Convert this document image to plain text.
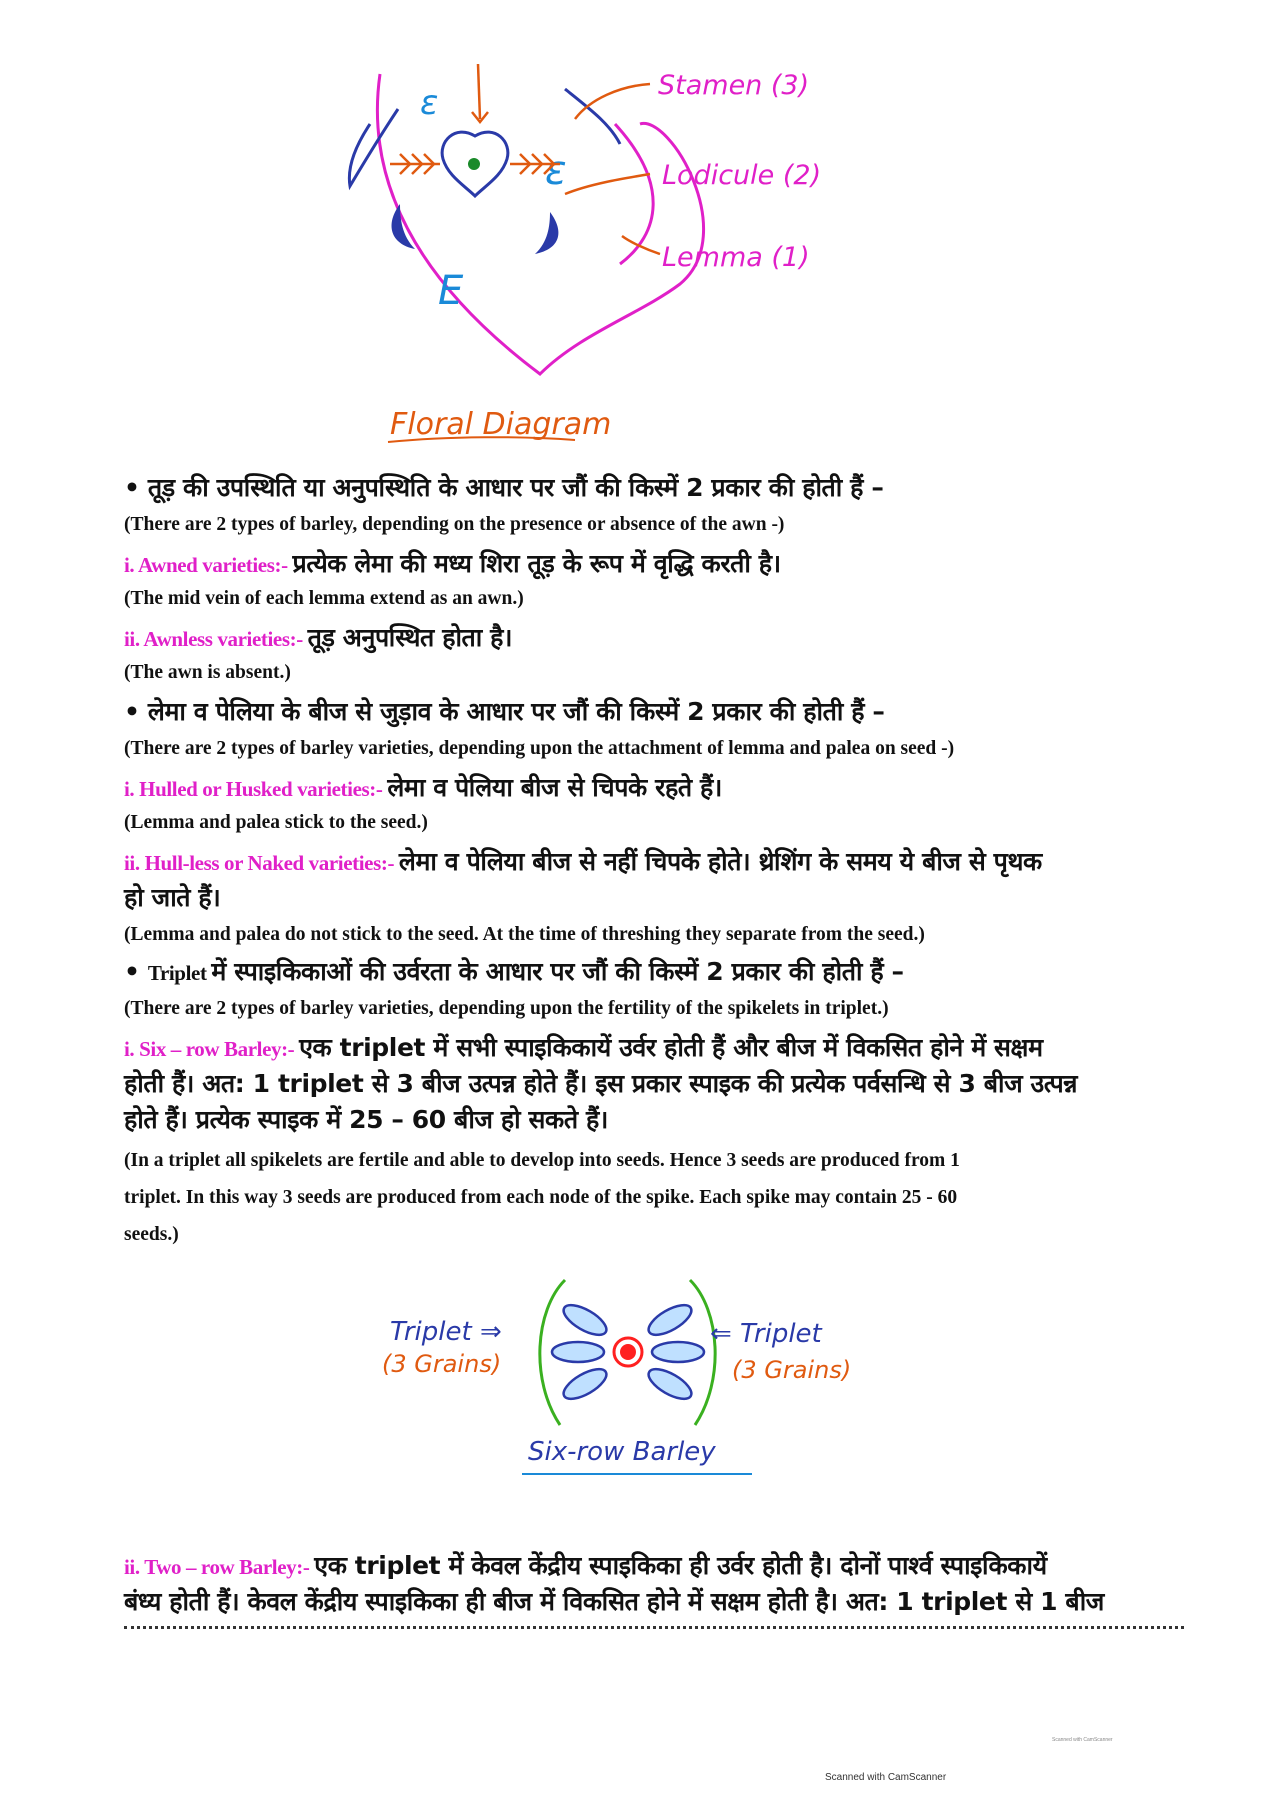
ε
ε
E
Stamen (3)
Lodicule (2)
Lemma (1)
Floral Diagram
• तूड़ की उपस्थिति या अनुपस्थिति के आधार पर जौं की किस्में 2 प्रकार की होती हैं –
(There are 2 types of barley, depending on the presence or absence of the awn -)
i. Awned varieties:- प्रत्येक लेमा की मध्य शिरा तूड़ के रूप में वृद्धि करती है।
(The mid vein of each lemma extend as an awn.)
ii. Awnless varieties:- तूड़ अनुपस्थित होता है।
(The awn is absent.)
• लेमा व पेलिया के बीज से जुड़ाव के आधार पर जौं की किस्में 2 प्रकार की होती हैं –
(There are 2 types of barley varieties, depending upon the attachment of lemma and palea on seed -)
i. Hulled or Husked varieties:- लेमा व पेलिया बीज से चिपके रहते हैं।
(Lemma and palea stick to the seed.)
ii. Hull-less or Naked varieties:- लेमा व पेलिया बीज से नहीं चिपके होते। थ्रेशिंग के समय ये बीज से पृथक
हो जाते हैं।
(Lemma and palea do not stick to the seed. At the time of threshing they separate from the seed.)
• Triplet में स्पाइकिकाओं की उर्वरता के आधार पर जौं की किस्में 2 प्रकार की होती हैं –
(There are 2 types of barley varieties, depending upon the fertility of the spikelets in triplet.)
i. Six – row Barley:- एक triplet में सभी स्पाइकिकायें उर्वर होती हैं और बीज में विकसित होने में सक्षम
होती हैं। अत: 1 triplet से 3 बीज उत्पन्न होते हैं। इस प्रकार स्पाइक की प्रत्येक पर्वसन्धि से 3 बीज उत्पन्न
होते हैं। प्रत्येक स्पाइक में 25 – 60 बीज हो सकते हैं।
(In a triplet all spikelets are fertile and able to develop into seeds. Hence 3 seeds are produced from 1
triplet. In this way 3 seeds are produced from each node of the spike. Each spike may contain 25 - 60
seeds.)
ii. Two – row Barley:- एक triplet में केवल केंद्रीय स्पाइकिका ही उर्वर होती है। दोनों पार्श्व स्पाइकिकायें
बंध्य होती हैं। केवल केंद्रीय स्पाइकिका ही बीज में विकसित होने में सक्षम होती है। अत: 1 triplet से 1 बीज
Triplet ⇒
(3 Grains)
⇐ Triplet
(3 Grains)
Six-row Barley
Scanned with CamScanner
Scanned with CamScanner
